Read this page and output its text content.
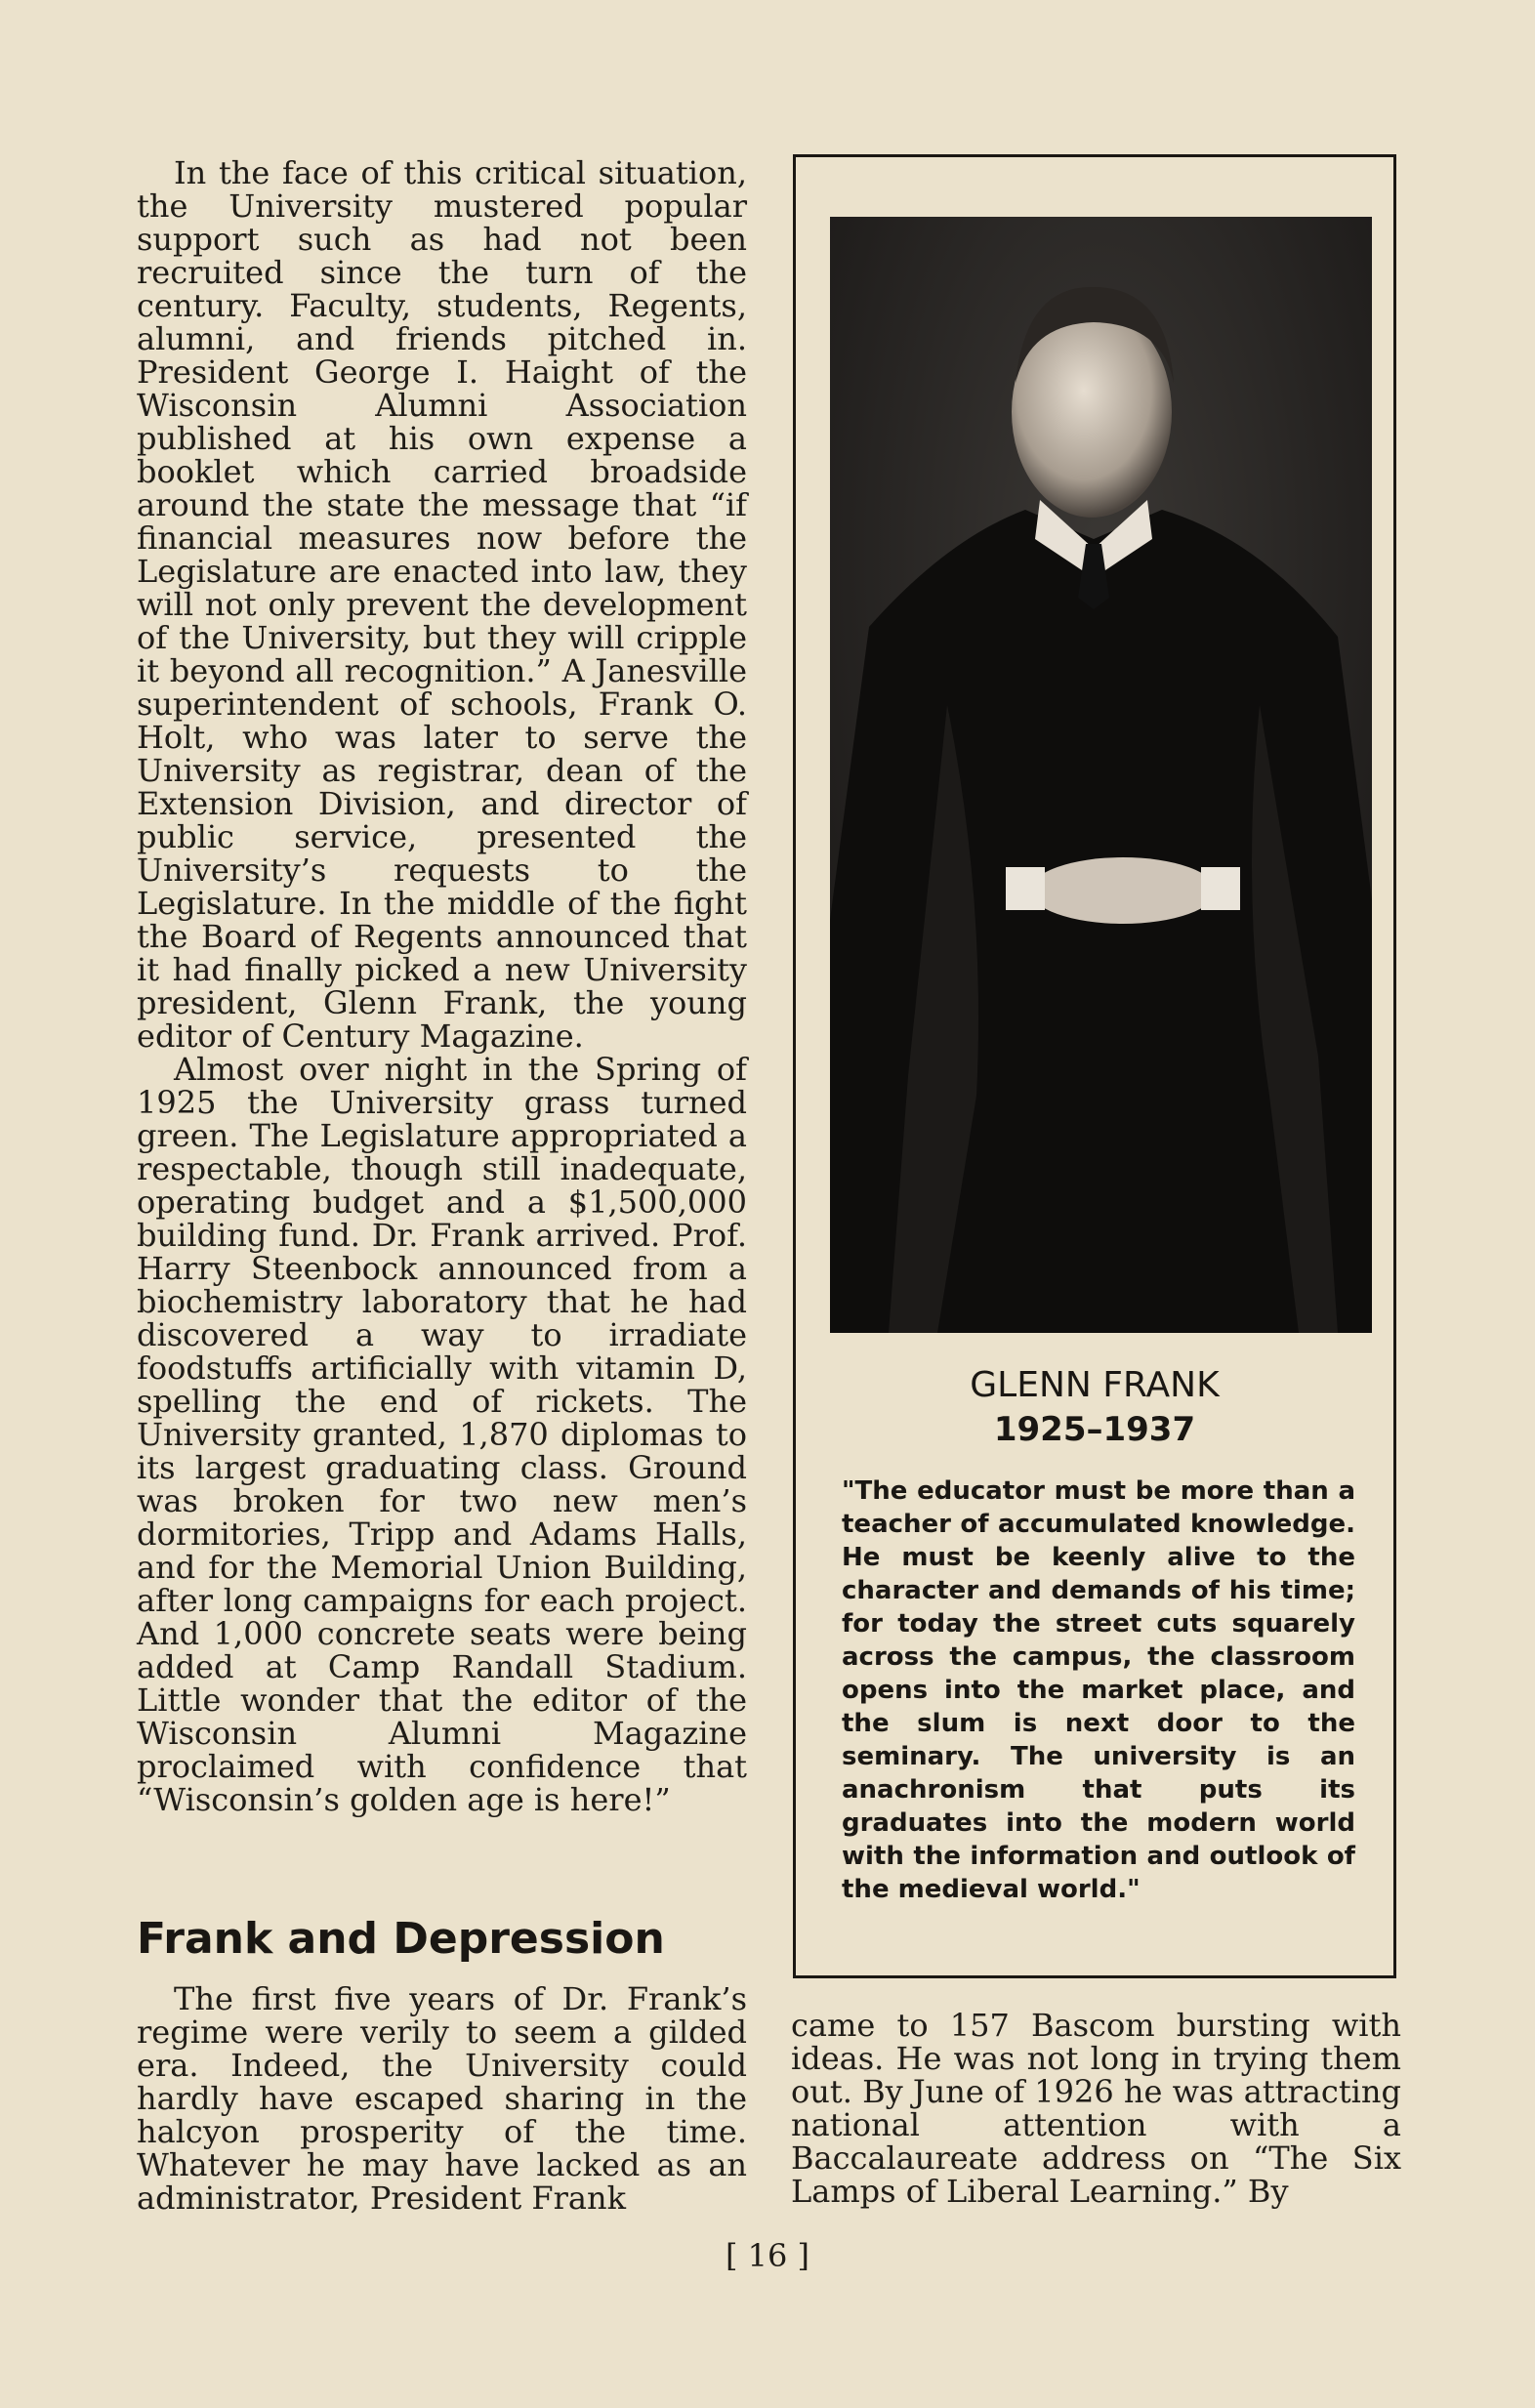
In the face of this critical situation, the University mustered popular support such as had not been recruited since the turn of the century. Faculty, students, Regents, alumni, and friends pitched in. President George I. Haight of the Wisconsin Alumni Association published at his own expense a booklet which carried broadside around the state the message that “if financial measures now before the Legislature are enacted into law, they will not only prevent the development of the University, but they will cripple it beyond all recognition.” A Janesville superintendent of schools, Frank O. Holt, who was later to serve the University as registrar, dean of the Extension Division, and director of public service, presented the University’s requests to the Legislature. In the middle of the fight the Board of Regents announced that it had finally picked a new University president, Glenn Frank, the young editor of Century Magazine.

Almost over night in the Spring of 1925 the University grass turned green. The Legislature appropriated a respectable, though still inadequate, operating budget and a $1,500,000 building fund. Dr. Frank arrived. Prof. Harry Steenbock announced from a biochemistry laboratory that he had discovered a way to irradiate foodstuffs artificially with vitamin D, spelling the end of rickets. The University granted, 1,870 diplomas to its largest graduating class. Ground was broken for two new men’s dormitories, Tripp and Adams Halls, and for the Memorial Union Building, after long campaigns for each project. And 1,000 concrete seats were being added at Camp Randall Stadium. Little wonder that the editor of the Wisconsin Alumni Magazine proclaimed with confidence that “Wisconsin’s golden age is here!”

Frank and Depression

The first five years of Dr. Frank’s regime were verily to seem a gilded era. Indeed, the University could hardly have escaped sharing in the halcyon prosperity of the time. Whatever he may have lacked as an administrator, President Frank

came to 157 Bascom bursting with ideas. He was not long in trying them out. By June of 1926 he was attracting national attention with a Baccalaureate address on “The Six Lamps of Liberal Learning.” By

GLENN FRANK

1925–1937

"The educator must be more than a teacher of accumulated knowledge. He must be keenly alive to the character and demands of his time; for today the street cuts squarely across the campus, the classroom opens into the market place, and the slum is next door to the seminary. The university is an anachronism that puts its graduates into the modern world with the information and outlook of the medieval world."

[ 16 ]
